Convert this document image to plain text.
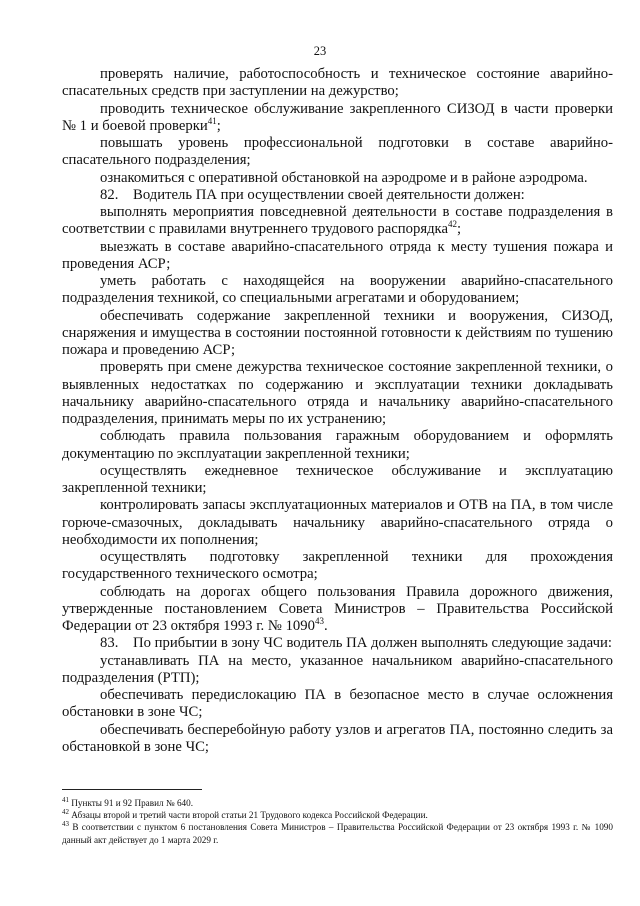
23

проверять наличие, работоспособность и техническое состояние аварийно-спасательных средств при заступлении на дежурство;

проводить техническое обслуживание закрепленного СИЗОД в части проверки № 1 и боевой проверки$^{41}$;

повышать уровень профессиональной подготовки в составе аварийно-спасательного подразделения;

ознакомиться с оперативной обстановкой на аэродроме и в районе аэродрома.

82.    Водитель ПА при осуществлении своей деятельности должен:

выполнять мероприятия повседневной деятельности в составе подразделения в соответствии с правилами внутреннего трудового распорядка$^{42}$;

выезжать в составе аварийно-спасательного отряда к месту тушения пожара и проведения АСР;

уметь работать с находящейся на вооружении аварийно-спасательного подразделения техникой, со специальными агрегатами и оборудованием;

обеспечивать содержание закрепленной техники и вооружения, СИЗОД, снаряжения и имущества в состоянии постоянной готовности к действиям по тушению пожара и проведению АСР;

проверять при смене дежурства техническое состояние закрепленной техники, о выявленных недостатках по содержанию и эксплуатации техники докладывать начальнику аварийно-спасательного отряда и начальнику аварийно-спасательного подразделения, принимать меры по их устранению;

соблюдать правила пользования гаражным оборудованием и оформлять документацию по эксплуатации закрепленной техники;

осуществлять ежедневное техническое обслуживание и эксплуатацию закрепленной техники;

контролировать запасы эксплуатационных материалов и ОТВ на ПА, в том числе горюче-смазочных, докладывать начальнику аварийно-спасательного отряда о необходимости их пополнения;

осуществлять подготовку закрепленной техники для прохождения государственного технического осмотра;

соблюдать на дорогах общего пользования Правила дорожного движения, утвержденные постановлением Совета Министров – Правительства Российской Федерации от 23 октября 1993 г. № 1090$^{43}$.

83.    По прибытии в зону ЧС водитель ПА должен выполнять следующие задачи:

устанавливать ПА на место, указанное начальником аварийно-спасательного подразделения (РТП);

обеспечивать передислокацию ПА в безопасное место в случае осложнения обстановки в зоне ЧС;

обеспечивать бесперебойную работу узлов и агрегатов ПА, постоянно следить за обстановкой в зоне ЧС;

$^{41}$ Пункты 91 и 92 Правил № 640.

$^{42}$ Абзацы второй и третий части второй статьи 21 Трудового кодекса Российской Федерации.

$^{43}$ В соответствии с пунктом 6 постановления Совета Министров – Правительства Российской Федерации от 23 октября 1993 г. № 1090 данный акт действует до 1 марта 2029 г.
